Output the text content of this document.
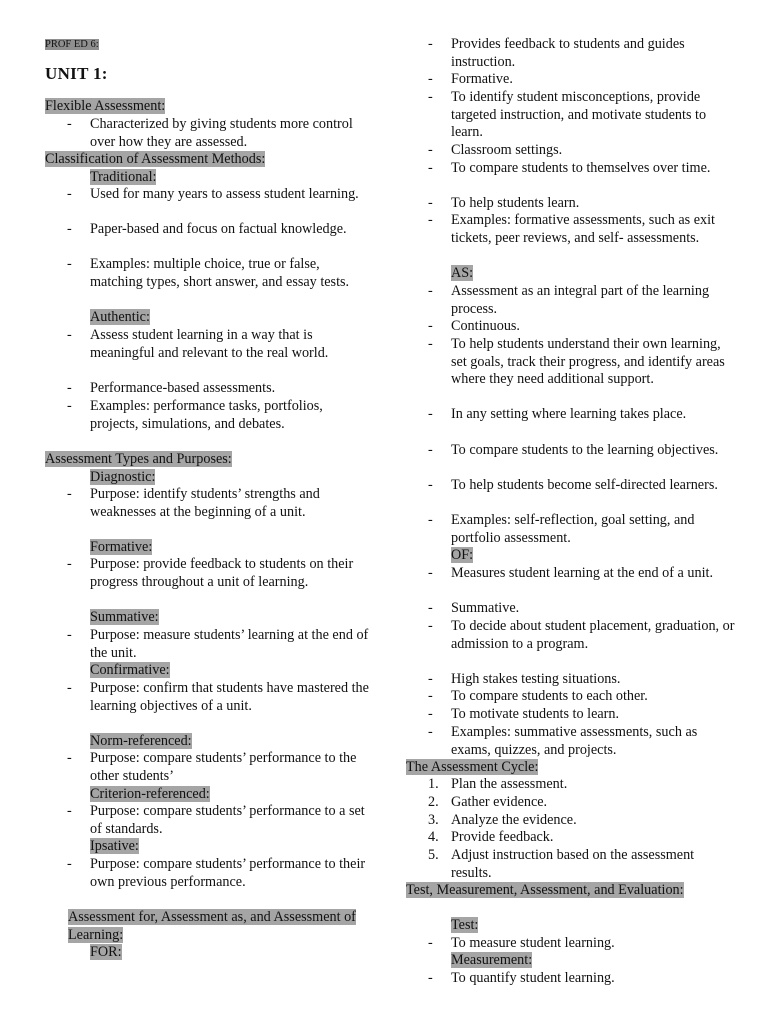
PROF ED 6:
UNIT 1:
Flexible Assessment:
- Characterized by giving students more control over how they are assessed.
Classification of Assessment Methods:
Traditional:
- Used for many years to assess student learning.
- Paper-based and focus on factual knowledge.
- Examples: multiple choice, true or false, matching types, short answer, and essay tests.
Authentic:
- Assess student learning in a way that is meaningful and relevant to the real world.
- Performance-based assessments.
- Examples: performance tasks, portfolios, projects, simulations, and debates.
Assessment Types and Purposes:
Diagnostic:
- Purpose: identify students’ strengths and weaknesses at the beginning of a unit.
Formative:
- Purpose: provide feedback to students on their progress throughout a unit of learning.
Summative:
- Purpose: measure students’ learning at the end of the unit.
Confirmative:
- Purpose: confirm that students have mastered the learning objectives of a unit.
Norm-referenced:
- Purpose: compare students’ performance to the other students’
Criterion-referenced:
- Purpose: compare students’ performance to a set of standards.
Ipsative:
- Purpose: compare students’ performance to their own previous performance.
Assessment for, Assessment as, and Assessment of Learning:
FOR:
- Provides feedback to students and guides instruction.
- Formative.
- To identify student misconceptions, provide targeted instruction, and motivate students to learn.
- Classroom settings.
- To compare students to themselves over time.
- To help students learn.
- Examples: formative assessments, such as exit tickets, peer reviews, and self- assessments.
AS:
- Assessment as an integral part of the learning process.
- Continuous.
- To help students understand their own learning, set goals, track their progress, and identify areas where they need additional support.
- In any setting where learning takes place.
- To compare students to the learning objectives.
- To help students become self-directed learners.
- Examples: self-reflection, goal setting, and portfolio assessment.
OF:
- Measures student learning at the end of a unit.
- Summative.
- To decide about student placement, graduation, or admission to a program.
- High stakes testing situations.
- To compare students to each other.
- To motivate students to learn.
- Examples: summative assessments, such as exams, quizzes, and projects.
The Assessment Cycle:
1. Plan the assessment.
2. Gather evidence.
3. Analyze the evidence.
4. Provide feedback.
5. Adjust instruction based on the assessment results.
Test, Measurement, Assessment, and Evaluation:
Test:
- To measure student learning.
Measurement:
- To quantify student learning.
